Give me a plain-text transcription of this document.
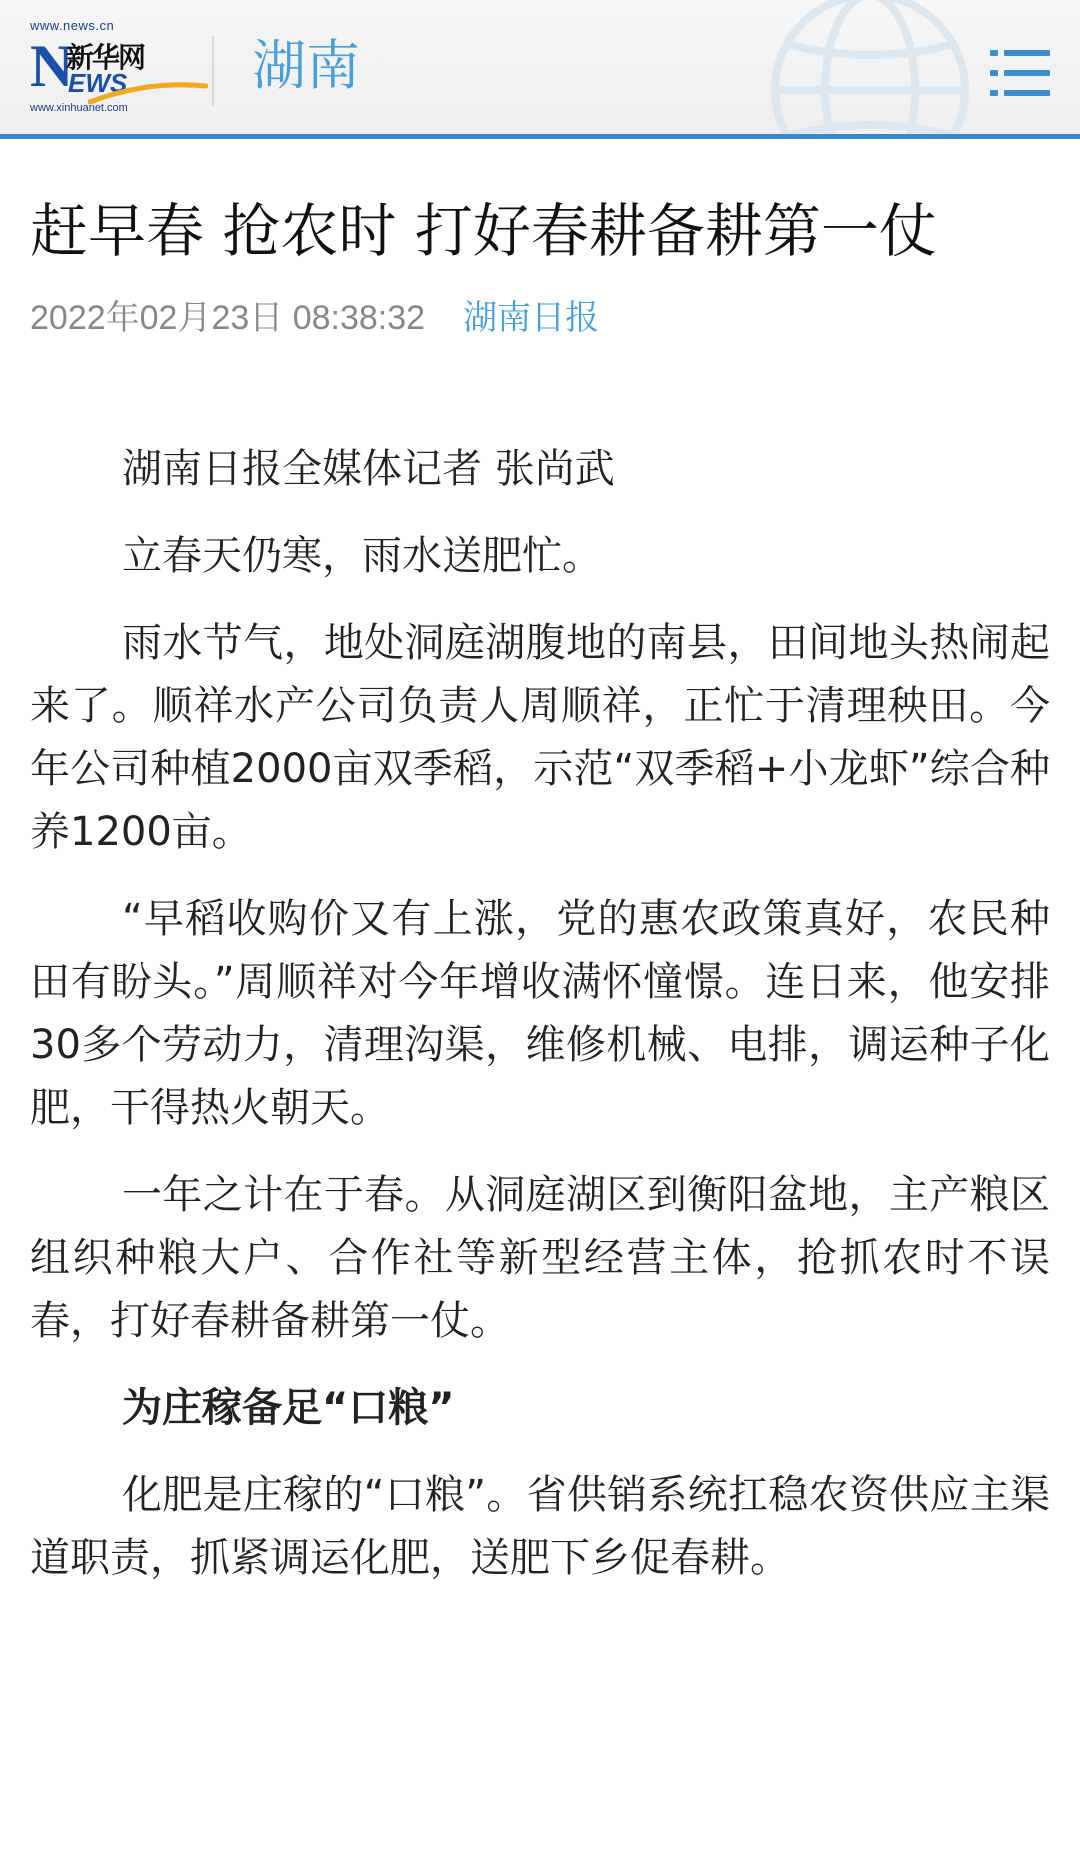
www.news.cn
N
新华网
EWS
www.xinhuanet.com
湖南
赶早春 抢农时 打好春耕备耕第一仗
2022年02月23日 08:38:32 湖南日报

湖南日报全媒体记者 张尚武

立春天仍寒，雨水送肥忙。

雨水节气，地处洞庭湖腹地的南县，田间地头热闹起来了。顺祥水产公司负责人周顺祥，正忙于清理秧田。今年公司种植2000亩双季稻，示范“双季稻+小龙虾”综合种养1200亩。

“早稻收购价又有上涨，党的惠农政策真好，农民种田有盼头。”周顺祥对今年增收满怀憧憬。连日来，他安排30多个劳动力，清理沟渠，维修机械、电排，调运种子化肥，干得热火朝天。

一年之计在于春。从洞庭湖区到衡阳盆地，主产粮区组织种粮大户、合作社等新型经营主体，抢抓农时不误春，打好春耕备耕第一仗。

为庄稼备足“口粮”

化肥是庄稼的“口粮”。省供销系统扛稳农资供应主渠道职责，抓紧调运化肥，送肥下乡促春耕。
